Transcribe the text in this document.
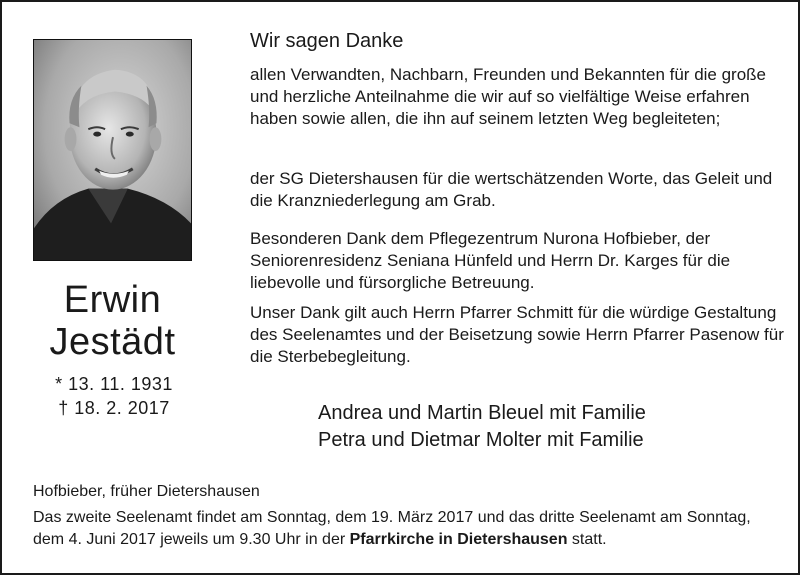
Erwin
Jestädt
* 13. 11. 1931
† 18. 2. 2017
Wir sagen Danke

allen Verwandten, Nachbarn, Freunden und Bekannten für die große und herzliche Anteilnahme die wir auf so vielfältige Weise erfahren haben sowie allen, die ihn auf seinem letzten Weg begleiteten;

der SG Dietershausen für die wertschätzenden Worte, das Geleit und die Kranzniederlegung am Grab.

Besonderen Dank dem Pflegezentrum Nurona Hofbieber, der Seniorenresidenz Seniana Hünfeld und Herrn Dr. Karges für die liebevolle und fürsorgliche Betreuung.

Unser Dank gilt auch Herrn Pfarrer Schmitt für die würdige Gestaltung des Seelenamtes und der Beisetzung sowie Herrn Pfarrer Pasenow für die Sterbebegleitung.

Andrea und Martin Bleuel mit Familie
Petra und Dietmar Molter mit Familie
Hofbieber, früher Dietershausen

Das zweite Seelenamt findet am Sonntag, dem 19. März 2017 und das dritte Seelenamt am Sonntag, dem 4. Juni 2017 jeweils um 9.30 Uhr in der Pfarrkirche in Dietershausen statt.
